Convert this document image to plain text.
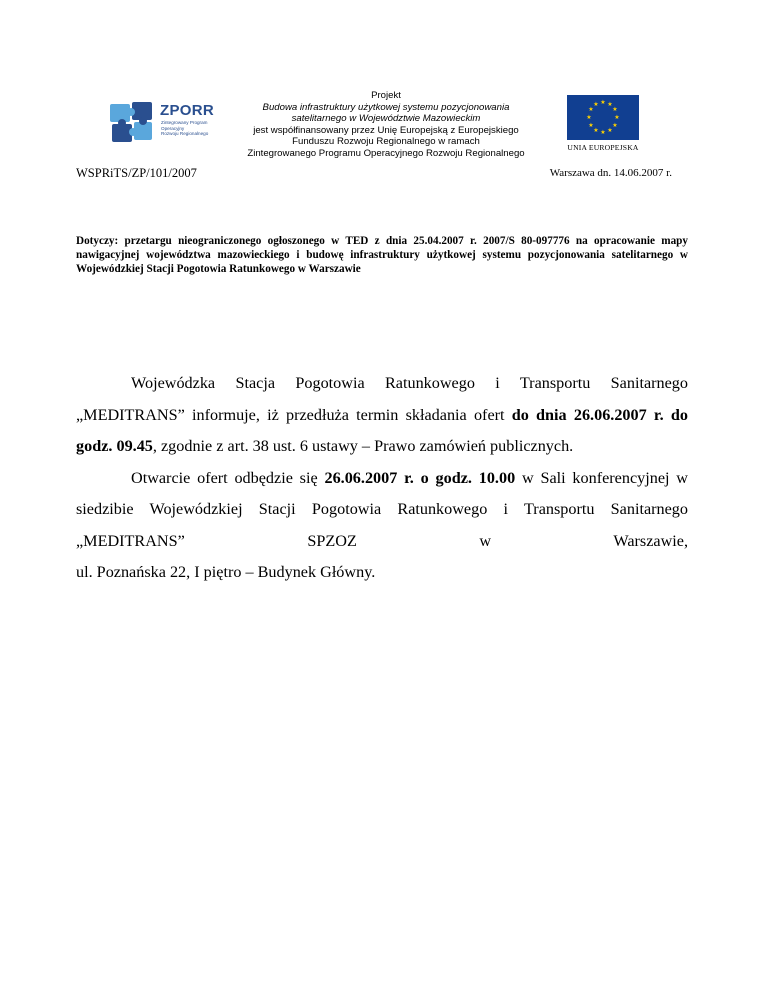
ZPORR
Zintegrowany Program
Operacyjny
Rozwoju Regionalnego
Projekt
Budowa infrastruktury użytkowej systemu pozycjonowania
satelitarnego w Województwie Mazowieckim
jest współfinansowany przez Unię Europejską z Europejskiego
Funduszu Rozwoju Regionalnego w ramach
Zintegrowanego Programu Operacyjnego Rozwoju Regionalnego
★ ★
★
★
★
★
★
★
★
★
★
★
UNIA EUROPEJSKA
WSPRiTS/ZP/101/2007	Warszawa dn. 14.06.2007 r.
Dotyczy: przetargu nieograniczonego ogłoszonego w TED z dnia 25.04.2007 r. 2007/S 80-097776 na opracowanie mapy nawigacyjnej województwa mazowieckiego i budowę infrastruktury użytkowej systemu pozycjonowania satelitarnego w Wojewódzkiej Stacji Pogotowia Ratunkowego w Warszawie

Wojewódzka Stacja Pogotowia Ratunkowego i Transportu Sanitarnego „MEDITRANS” informuje, iż przedłuża termin składania ofert do dnia 26.06.2007 r. do godz. 09.45, zgodnie z art. 38 ust. 6 ustawy – Prawo zamówień publicznych.

Otwarcie ofert odbędzie się 26.06.2007 r. o godz. 10.00 w Sali konferencyjnej w siedzibie Wojewódzkiej Stacji Pogotowia Ratunkowego i Transportu Sanitarnego „MEDITRANS” SPZOZ w Warszawie,

ul. Poznańska 22, I piętro – Budynek Główny.
